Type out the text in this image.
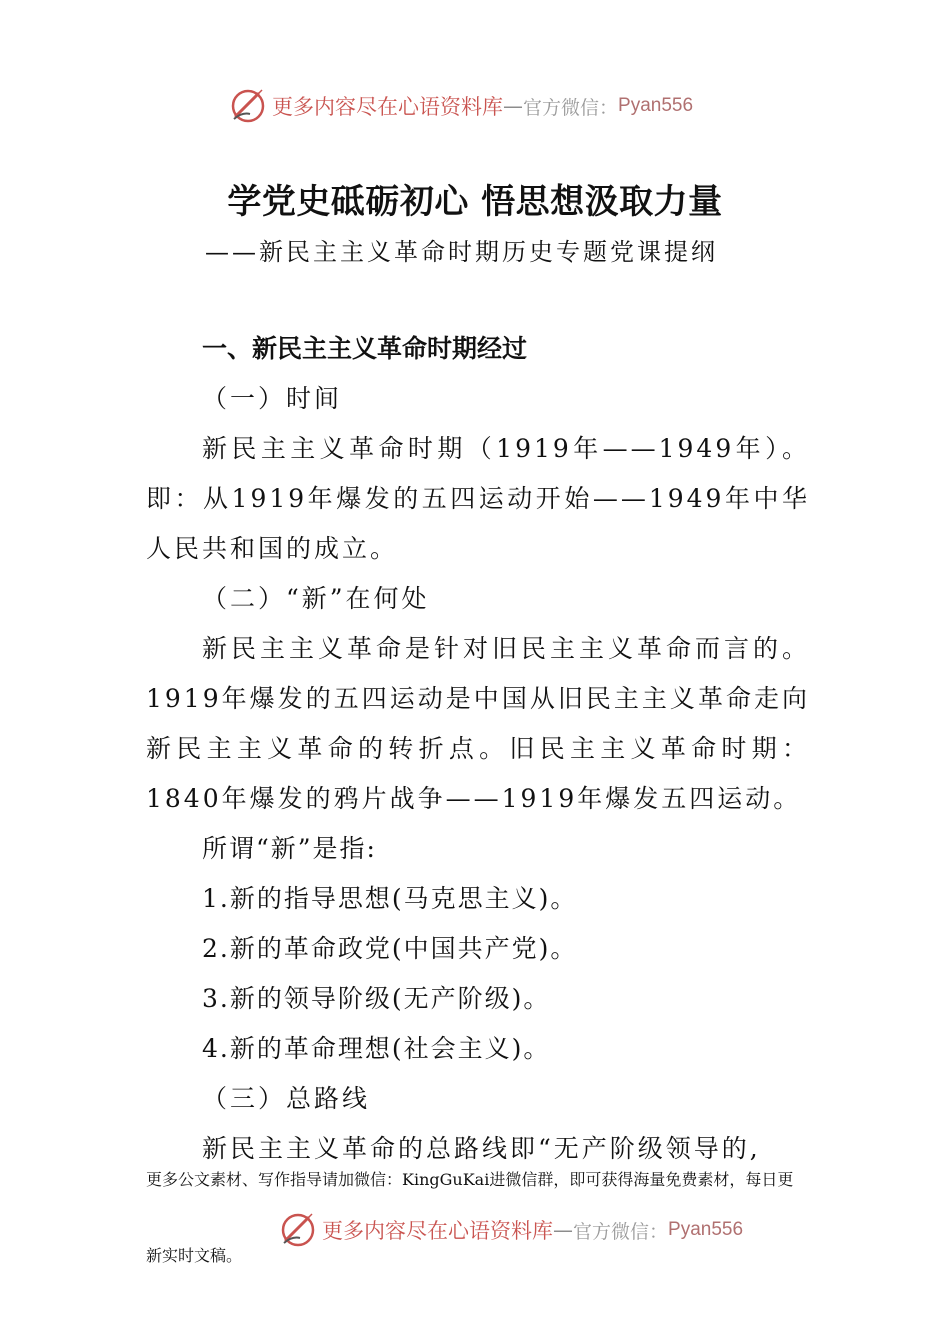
更多内容尽在心语资料库 — 官方微信： Pyan556
学党史砥砺初心 悟思想汲取力量
——新民主主义革命时期历史专题党课提纲

一、新民主主义革命时期经过

（一）时间

新民主主义革命时期（1919年——1949年）。即：从1919年爆发的五四运动开始——1949年中华人民共和国的成立。

（二）“新”在何处

新民主主义革命是针对旧民主主义革命而言的。1919年爆发的五四运动是中国从旧民主主义革命走向新民主主义革命的转折点。旧民主主义革命时期：1840年爆发的鸦片战争——1919年爆发五四运动。

所谓“新”是指:

1.新的指导思想(马克思主义)。

2.新的革命政党(中国共产党)。

3.新的领导阶级(无产阶级)。

4.新的革命理想(社会主义)。

（三）总路线

新民主主义革命的总路线即“无产阶级领导的,

更多公文素材、写作指导请加微信：KingGuKai进微信群，即可获得海量免费素材，每日更
更多内容尽在心语资料库 — 官方微信： Pyan556
新实时文稿。
